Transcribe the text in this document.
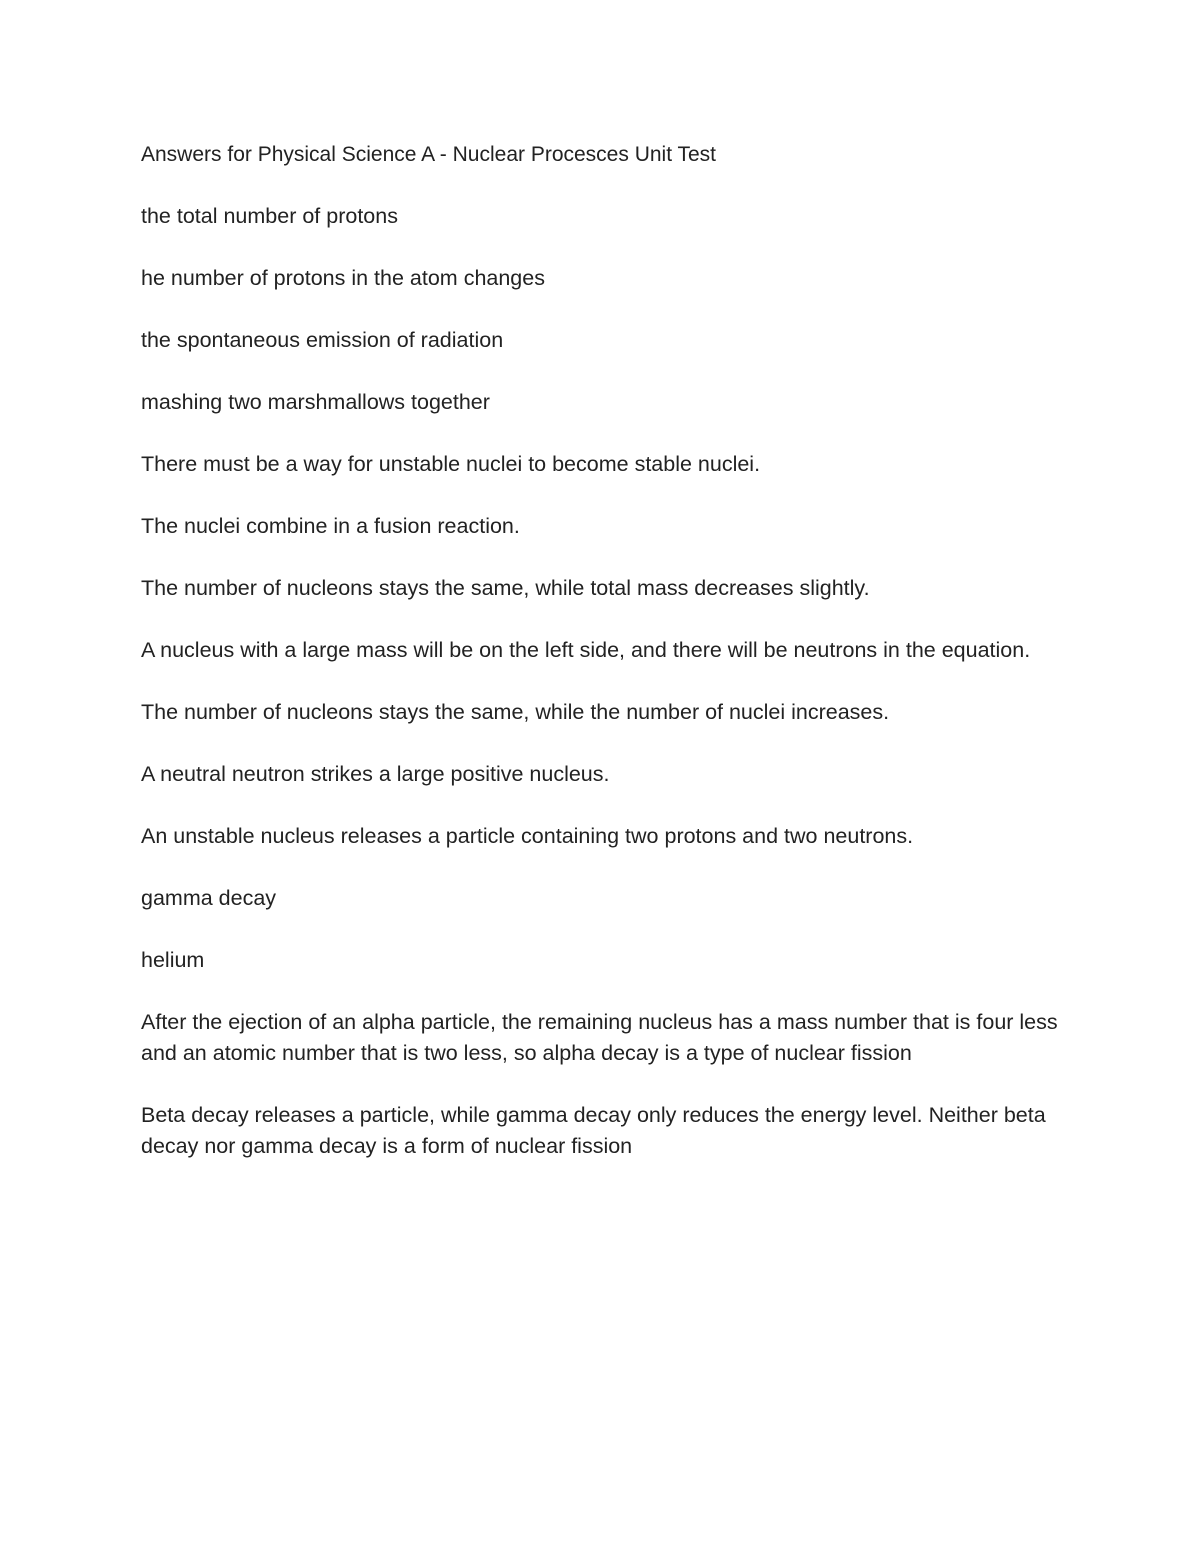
Answers for Physical Science A - Nuclear Procesces Unit Test
the total number of protons
he number of protons in the atom changes
the spontaneous emission of radiation
mashing two marshmallows together
There must be a way for unstable nuclei to become stable nuclei.
The nuclei combine in a fusion reaction.
The number of nucleons stays the same, while total mass decreases slightly.
A nucleus with a large mass will be on the left side, and there will be neutrons in the equation.
The number of nucleons stays the same, while the number of nuclei increases.
A neutral neutron strikes a large positive nucleus.
An unstable nucleus releases a particle containing two protons and two neutrons.
gamma decay
helium
After the ejection of an alpha particle, the remaining nucleus has a mass number that is four less and an atomic number that is two less, so alpha decay is a type of nuclear fission
Beta decay releases a particle, while gamma decay only reduces the energy level. Neither beta decay nor gamma decay is a form of nuclear fission
